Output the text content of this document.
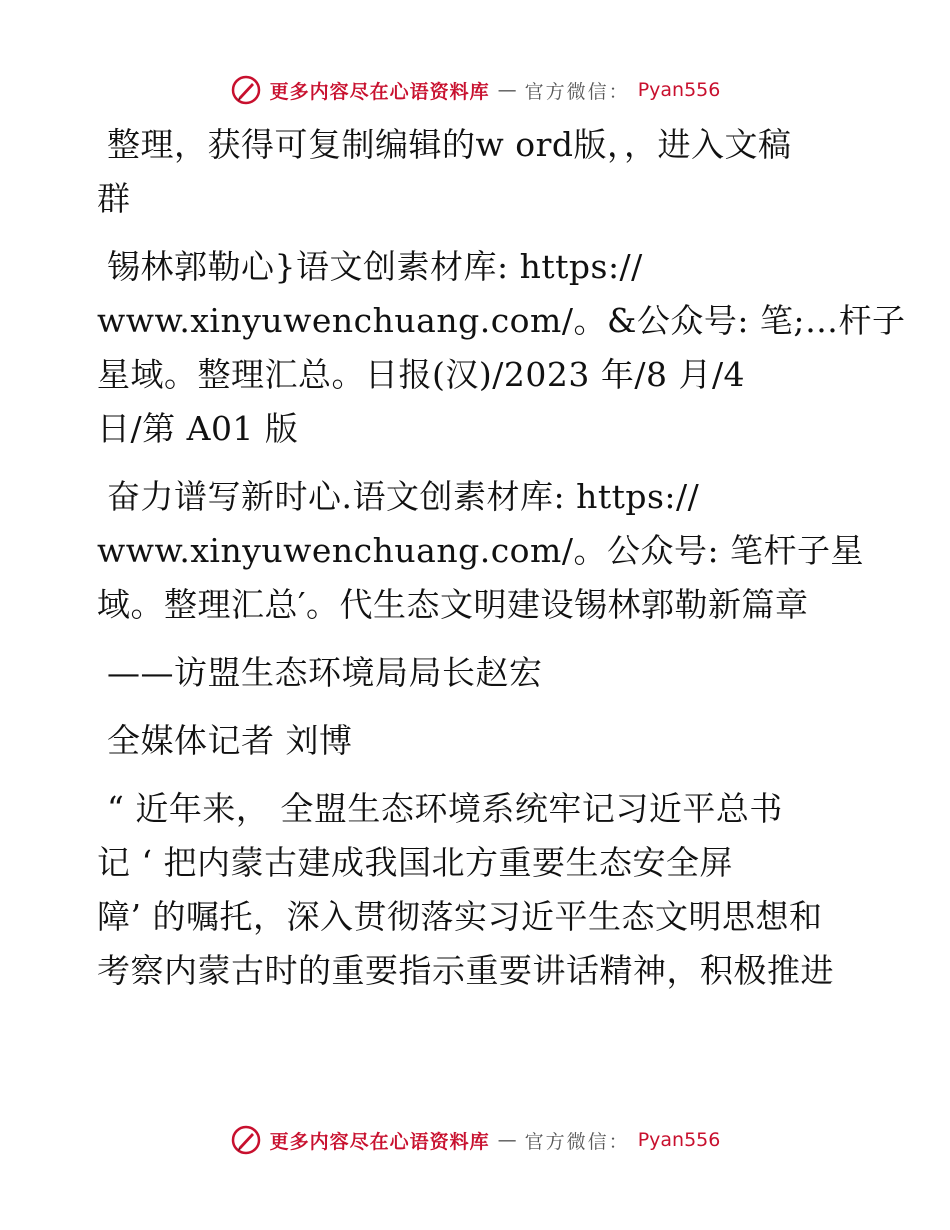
更多内容尽在心语资料库 — 官方微信： Pyan556
整理，获得可复制编辑的w ord版，，进入文稿
群
锡林郭勒心}语文创素材库: https://
www.xinyuwenchuang.com/。&公众号: 笔;…杆子
星域。整理汇总。日报(汉)/2023 年/8 月/4
日/第 A01 版
奋力谱写新时心.语文创素材库: https://
www.xinyuwenchuang.com/。公众号: 笔杆子星
域。整理汇总′。代生态文明建设锡林郭勒新篇章
——访盟生态环境局局长赵宏
全媒体记者 刘博
“ 近年来， 全盟生态环境系统牢记习近平总书
记 ‘ 把内蒙古建成我国北方重要生态安全屏
障’ 的嘱托，深入贯彻落实习近平生态文明思想和
考察内蒙古时的重要指示重要讲话精神，积极推进
更多内容尽在心语资料库 — 官方微信： Pyan556
